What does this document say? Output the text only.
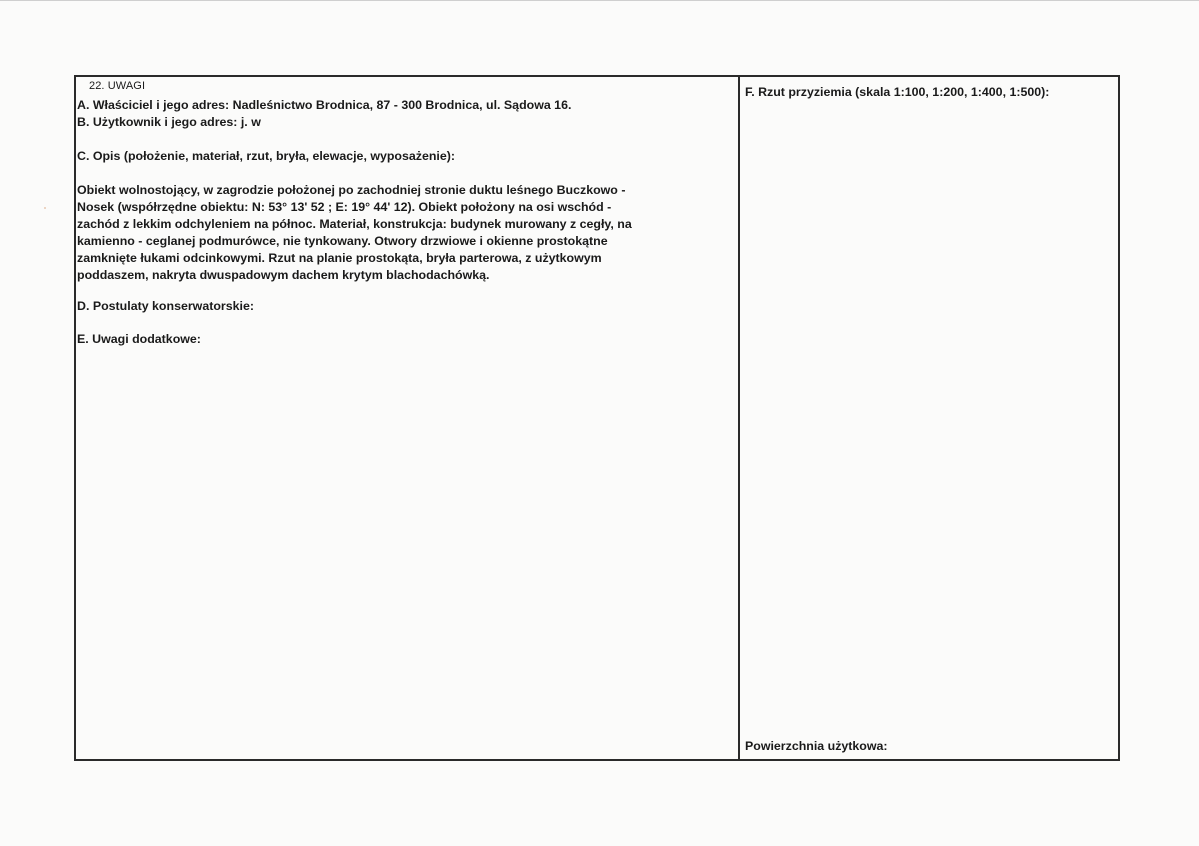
22. UWAGI
A. Właściciel i jego adres: Nadleśnictwo Brodnica, 87 - 300 Brodnica, ul. Sądowa 16.
B. Użytkownik i jego adres: j. w
C. Opis (położenie, materiał, rzut, bryła, elewacje, wyposażenie):
Obiekt wolnostojący, w zagrodzie położonej po zachodniej stronie duktu leśnego Buczkowo -
Nosek (współrzędne obiektu: N: 53° 13' 52 ; E: 19° 44' 12). Obiekt położony na osi wschód -
zachód z lekkim odchyleniem na północ. Materiał, konstrukcja: budynek murowany z cegły, na
kamienno - ceglanej podmurówce, nie tynkowany. Otwory drzwiowe i okienne prostokątne
zamknięte łukami odcinkowymi. Rzut na planie prostokąta, bryła parterowa, z użytkowym
poddaszem, nakryta dwuspadowym dachem krytym blachodachówką.
D. Postulaty konserwatorskie:
E. Uwagi dodatkowe:
F. Rzut przyziemia (skala 1:100, 1:200, 1:400, 1:500):
Powierzchnia użytkowa:
